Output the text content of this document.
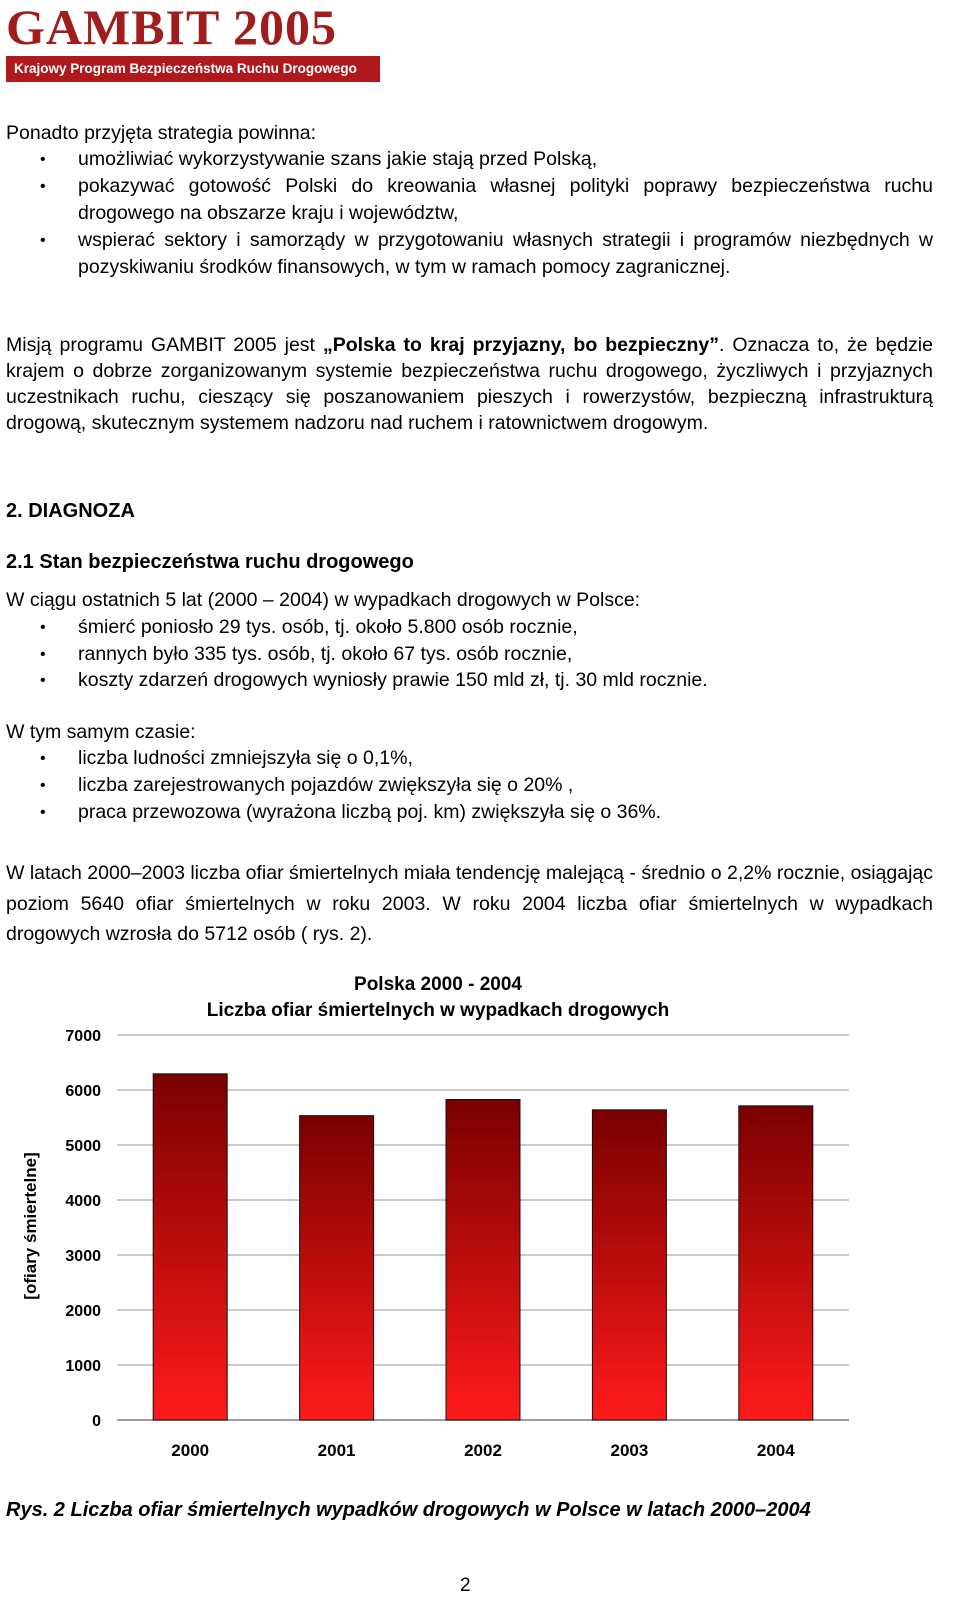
GAMBIT 2005
Krajowy Program Bezpieczeństwa Ruchu Drogowego
Ponadto przyjęta strategia powinna:
• umożliwiać wykorzystywanie szans jakie stają przed Polską,
• pokazywać gotowość Polski do kreowania własnej polityki poprawy bezpieczeństwa ruchu drogowego na obszarze kraju i województw,
• wspierać sektory i samorządy w przygotowaniu własnych strategii i programów niezbędnych w pozyskiwaniu środków finansowych, w tym w ramach pomocy zagranicznej.
Misją programu GAMBIT 2005 jest „Polska to kraj przyjazny, bo bezpieczny”. Oznacza to, że będzie krajem o dobrze zorganizowanym systemie bezpieczeństwa ruchu drogowego, życzliwych i przyjaznych uczestnikach ruchu, cieszący się poszanowaniem pieszych i rowerzystów, bezpieczną infrastrukturą drogową, skutecznym systemem nadzoru nad ruchem i ratownictwem drogowym.
2. DIAGNOZA
2.1 Stan bezpieczeństwa ruchu drogowego
W ciągu ostatnich 5 lat (2000 – 2004) w wypadkach drogowych w Polsce:
• śmierć poniosło 29 tys. osób, tj. około 5.800 osób rocznie,
• rannych było 335 tys. osób, tj. około 67 tys. osób rocznie,
• koszty zdarzeń drogowych wyniosły prawie 150 mld zł, tj. 30 mld rocznie.
W tym samym czasie:
• liczba ludności zmniejszyła się o 0,1%,
• liczba zarejestrowanych pojazdów zwiększyła się o 20% ,
• praca przewozowa (wyrażona liczbą poj. km) zwiększyła się o 36%.
W latach 2000–2003 liczba ofiar śmiertelnych miała tendencję malejącą - średnio o 2,2% rocznie, osiągając poziom 5640 ofiar śmiertelnych w roku 2003. W roku 2004 liczba ofiar śmiertelnych w wypadkach drogowych wzrosła do 5712 osób ( rys. 2).
Polska 2000 - 2004
Liczba ofiar śmiertelnych w wypadkach drogowych
[ofiary śmiertelne]
0
1000
2000
3000
4000
5000
6000
7000
2000	2001	2002	2003	2004
Rys. 2 Liczba ofiar śmiertelnych wypadków drogowych w Polsce w latach 2000–2004
2
